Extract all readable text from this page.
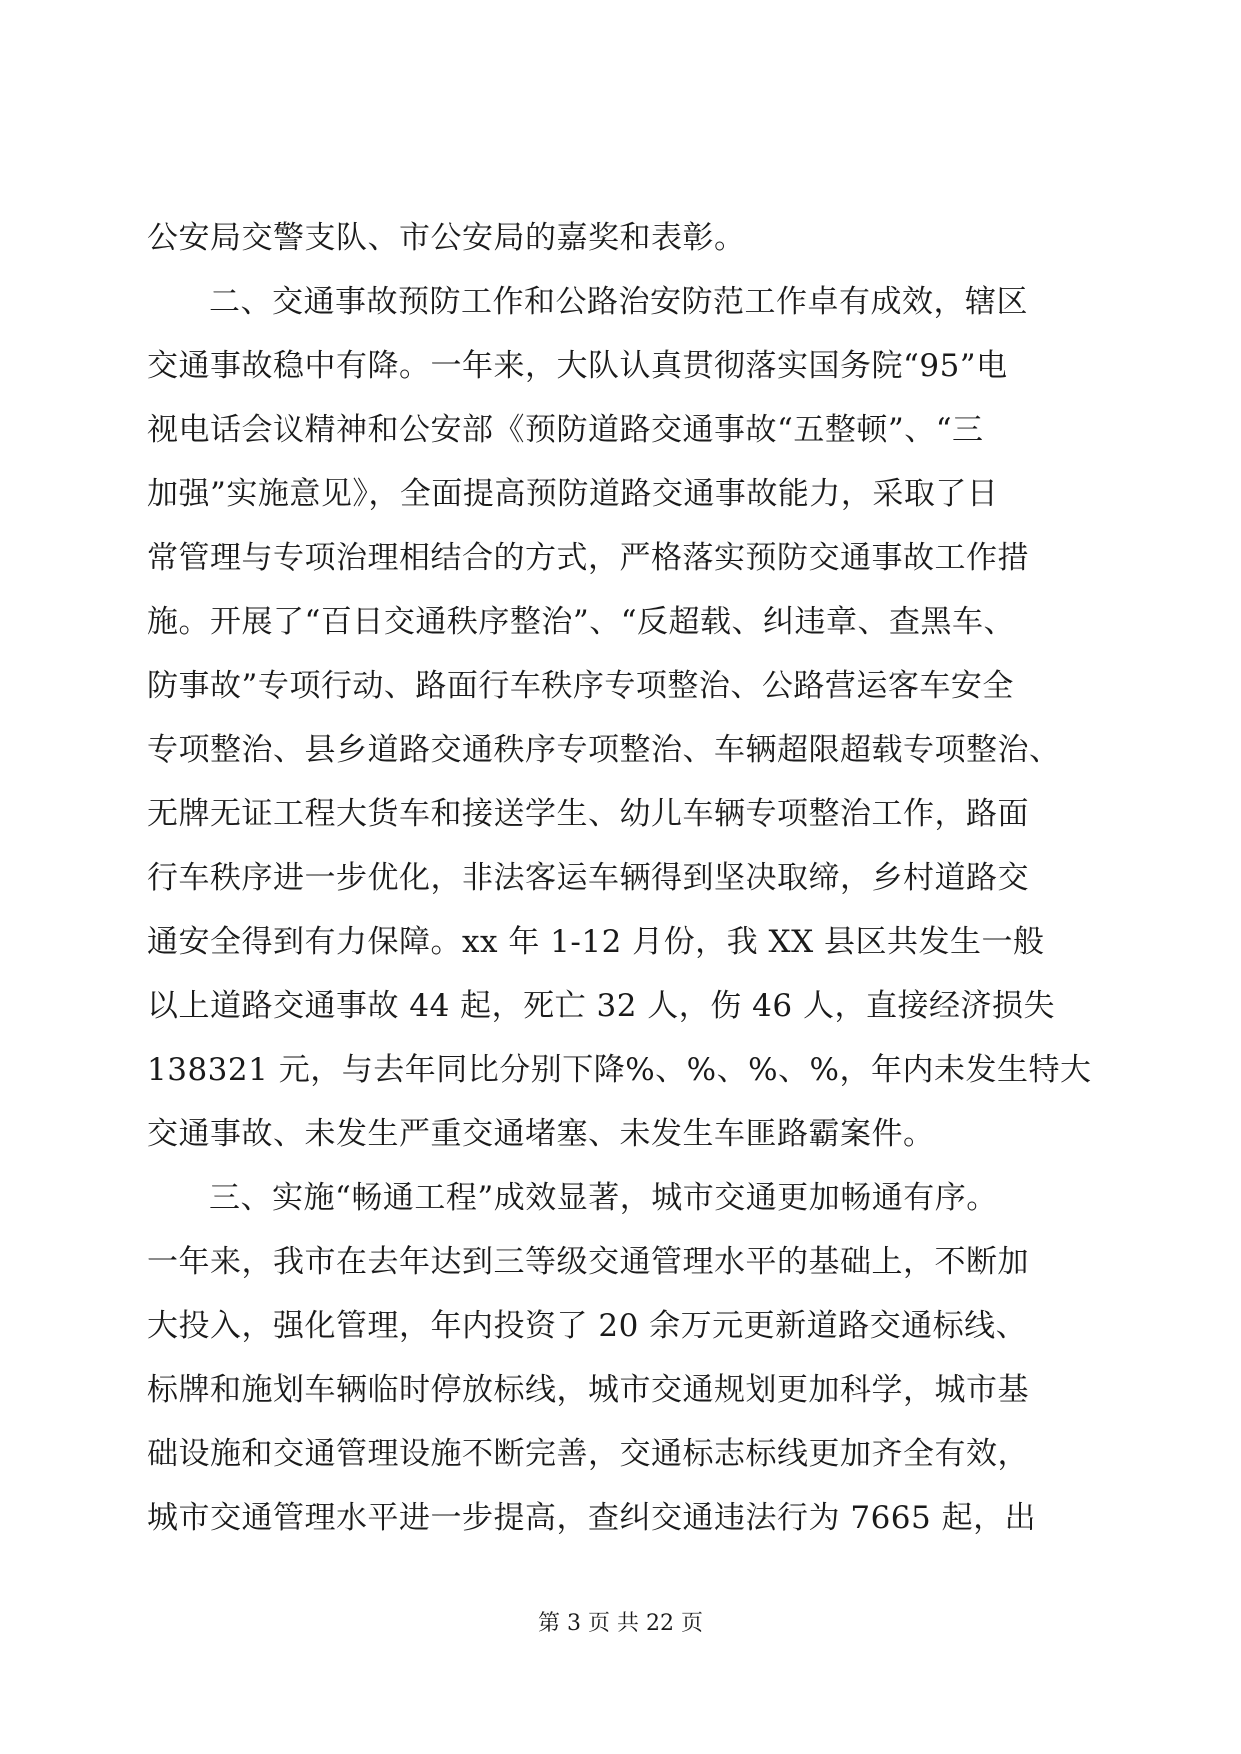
公安局交警支队、市公安局的嘉奖和表彰。
二、交通事故预防工作和公路治安防范工作卓有成效，辖区
交通事故稳中有降。一年来，大队认真贯彻落实国务院“95”电
视电话会议精神和公安部《预防道路交通事故“五整顿”、“三
加强”实施意见》，全面提高预防道路交通事故能力，采取了日
常管理与专项治理相结合的方式，严格落实预防交通事故工作措
施。开展了“百日交通秩序整治”、“反超载、纠违章、查黑车、
防事故”专项行动、路面行车秩序专项整治、公路营运客车安全
专项整治、县乡道路交通秩序专项整治、车辆超限超载专项整治、
无牌无证工程大货车和接送学生、幼儿车辆专项整治工作，路面
行车秩序进一步优化，非法客运车辆得到坚决取缔，乡村道路交
通安全得到有力保障。xx 年 1-12 月份，我 XX 县区共发生一般
以上道路交通事故 44 起，死亡 32 人，伤 46 人，直接经济损失
138321 元，与去年同比分别下降%、%、%、%，年内未发生特大
交通事故、未发生严重交通堵塞、未发生车匪路霸案件。
三、实施“畅通工程”成效显著，城市交通更加畅通有序。
一年来，我市在去年达到三等级交通管理水平的基础上，不断加
大投入，强化管理，年内投资了 20 余万元更新道路交通标线、
标牌和施划车辆临时停放标线，城市交通规划更加科学，城市基
础设施和交通管理设施不断完善，交通标志标线更加齐全有效，
城市交通管理水平进一步提高，查纠交通违法行为 7665 起，出
第 3 页 共 22 页
